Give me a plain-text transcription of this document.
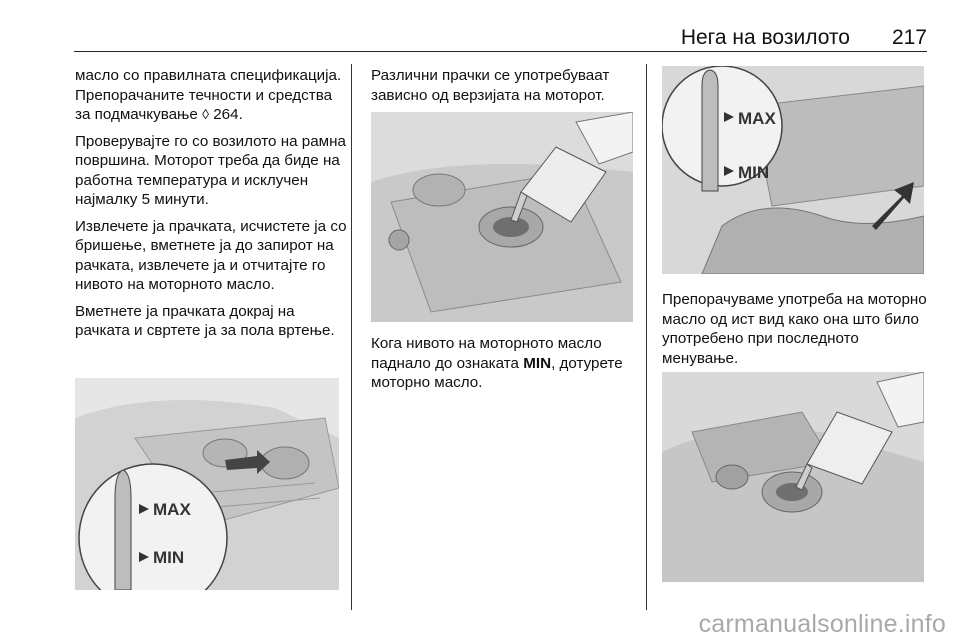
Нега на возилото 217

масло со правилната спецификација. Препорачаните течности и средства за подмачкување ◊ 264.

Проверувајте го со возилото на рамна површина. Моторот треба да биде на работна температура и исклучен најмалку 5 минути.

Извлечете ја прачката, исчистете ја со бришење, вметнете ја до запирот на рачката, извлечете ја и отчитајте го нивото на моторното масло.

Вметнете ја прачката докрај на рачката и свртете ја за пола вртење.

MAX
MIN

Различни прачки се употребуваат зависно од верзијата на моторот.

Кога нивото на моторното масло паднало до ознаката MIN, дотурете моторно масло.

MAX
MIN

Препорачуваме употреба на моторно масло од ист вид како она што било употребено при последното менување.

carmanualsonline.info
